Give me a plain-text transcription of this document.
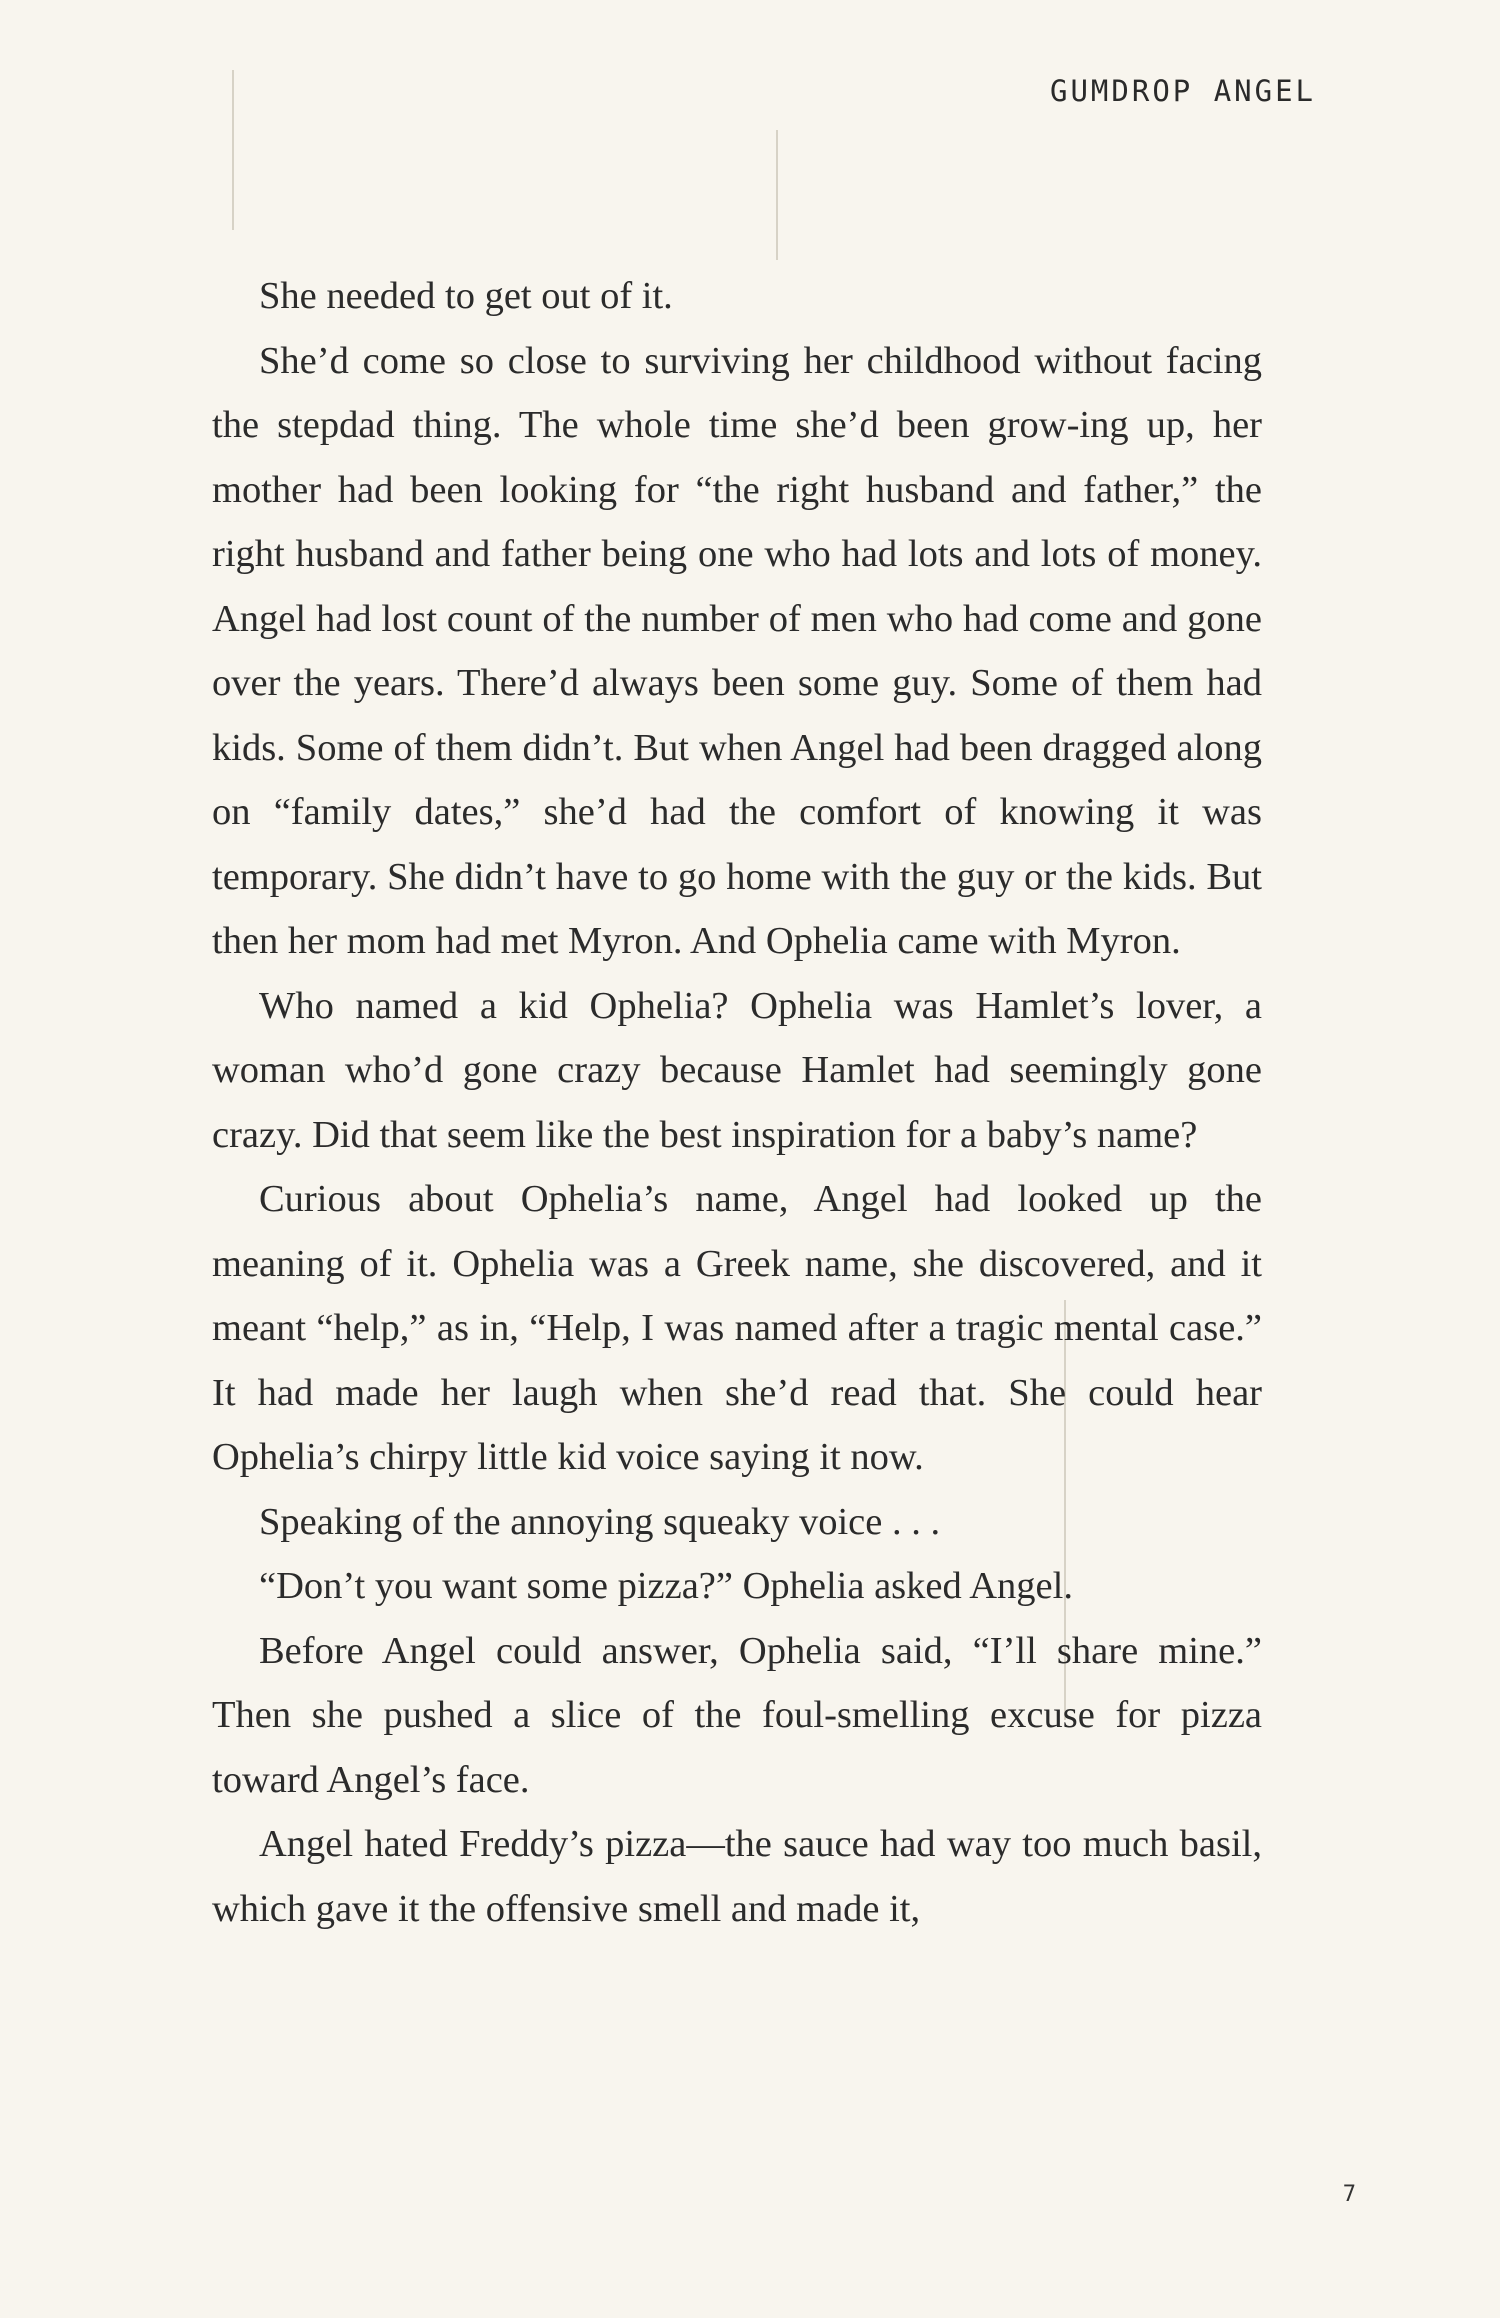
GUMDROP ANGEL

She needed to get out of it.

She’d come so close to surviving her childhood without facing the stepdad thing. The whole time she’d been grow-ing up, her mother had been looking for “the right husband and father,” the right husband and father being one who had lots and lots of money. Angel had lost count of the number of men who had come and gone over the years. There’d always been some guy. Some of them had kids. Some of them didn’t. But when Angel had been dragged along on “family dates,” she’d had the comfort of knowing it was temporary. She didn’t have to go home with the guy or the kids. But then her mom had met Myron. And Ophelia came with Myron.

Who named a kid Ophelia? Ophelia was Hamlet’s lover, a woman who’d gone crazy because Hamlet had seemingly gone crazy. Did that seem like the best inspiration for a baby’s name?

Curious about Ophelia’s name, Angel had looked up the meaning of it. Ophelia was a Greek name, she discovered, and it meant “help,” as in, “Help, I was named after a tragic mental case.” It had made her laugh when she’d read that. She could hear Ophelia’s chirpy little kid voice saying it now.

Speaking of the annoying squeaky voice . . .

“Don’t you want some pizza?” Ophelia asked Angel.

Before Angel could answer, Ophelia said, “I’ll share mine.” Then she pushed a slice of the foul-smelling excuse for pizza toward Angel’s face.

Angel hated Freddy’s pizza—the sauce had way too much basil, which gave it the offensive smell and made it,

7
